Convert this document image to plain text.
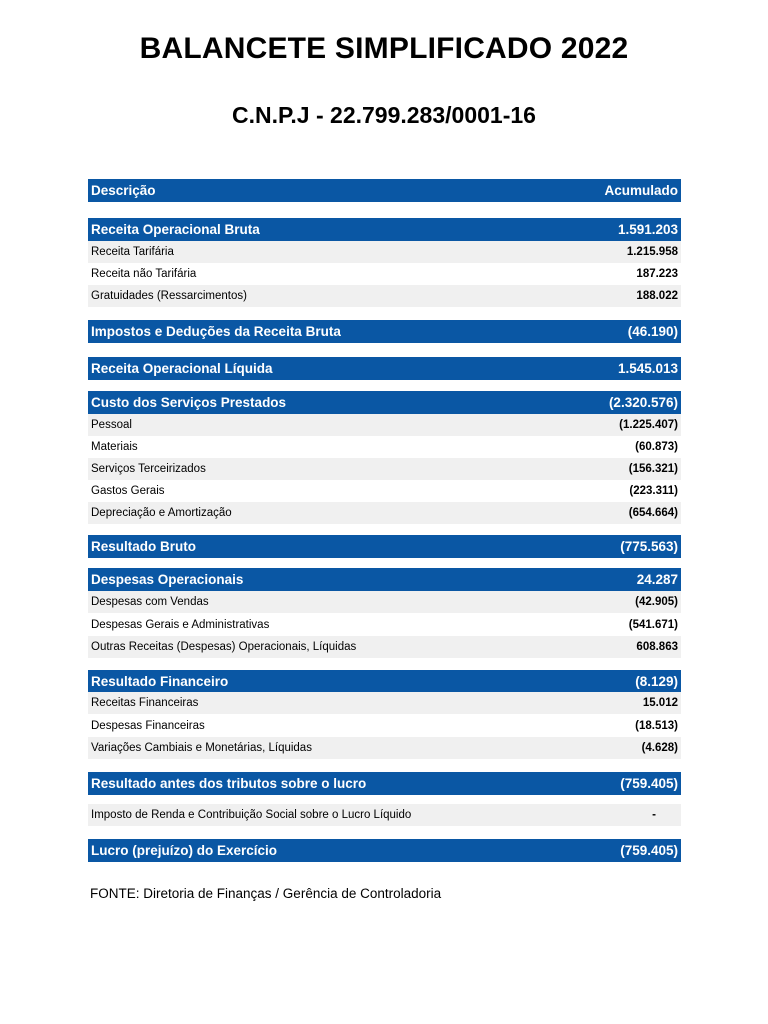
BALANCETE SIMPLIFICADO 2022
C.N.P.J - 22.799.283/0001-16
Descrição	Acumulado
Receita Operacional Bruta	1.591.203
Receita Tarifária	1.215.958
Receita não Tarifária	187.223
Gratuidades (Ressarcimentos)	188.022
Impostos e Deduções da Receita Bruta	(46.190)
Receita Operacional Líquida	1.545.013
Custo dos Serviços Prestados	(2.320.576)
Pessoal	(1.225.407)
Materiais	(60.873)
Serviços Terceirizados	(156.321)
Gastos Gerais	(223.311)
Depreciação e Amortização	(654.664)
Resultado Bruto	(775.563)
Despesas Operacionais	24.287
Despesas com Vendas	(42.905)
Despesas Gerais e Administrativas	(541.671)
Outras Receitas (Despesas) Operacionais, Líquidas	608.863
Resultado Financeiro	(8.129)
Receitas Financeiras	15.012
Despesas Financeiras	(18.513)
Variações Cambiais e Monetárias, Líquidas	(4.628)
Resultado antes dos tributos sobre o lucro	(759.405)
Imposto de Renda e Contribuição Social sobre o Lucro Líquido	-
Lucro (prejuízo) do Exercício	(759.405)
FONTE: Diretoria de Finanças / Gerência de Controladoria
